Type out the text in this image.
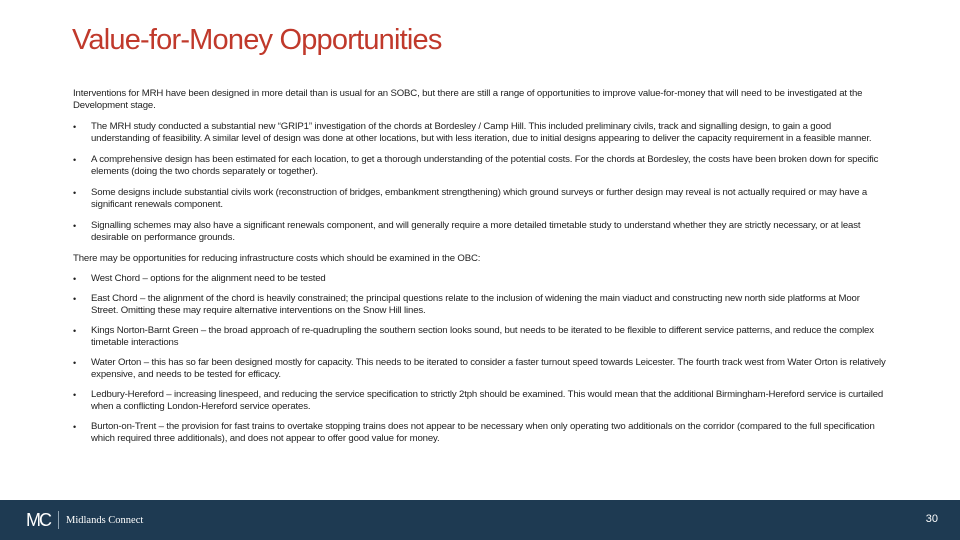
Value-for-Money Opportunities

Interventions for MRH have been designed in more detail than is usual for an SOBC, but there are still a range of opportunities to improve value-for-money that will need to be investigated at the Development stage.

• The MRH study conducted a substantial new “GRIP1” investigation of the chords at Bordesley / Camp Hill. This included preliminary civils, track and signalling design, to gain a good understanding of feasibility. A similar level of design was done at other locations, but with less iteration, due to initial designs appearing to deliver the capacity requirement in a feasible manner.
• A comprehensive design has been estimated for each location, to get a thorough understanding of the potential costs. For the chords at Bordesley, the costs have been broken down for specific elements (doing the two chords separately or together).
• Some designs include substantial civils work (reconstruction of bridges, embankment strengthening) which ground surveys or further design may reveal is not actually required or may have a significant renewals component.
• Signalling schemes may also have a significant renewals component, and will generally require a more detailed timetable study to understand whether they are strictly necessary, or at least desirable on performance grounds.

There may be opportunities for reducing infrastructure costs which should be examined in the OBC:

• West Chord – options for the alignment need to be tested
• East Chord – the alignment of the chord is heavily constrained; the principal questions relate to the inclusion of widening the main viaduct and constructing new north side platforms at Moor Street. Omitting these may require alternative interventions on the Snow Hill lines.
• Kings Norton-Barnt Green – the broad approach of re-quadrupling the southern section looks sound, but needs to be iterated to be flexible to different service patterns, and reduce the complex timetable interactions
• Water Orton – this has so far been designed mostly for capacity. This needs to be iterated to consider a faster turnout speed towards Leicester. The fourth track west from Water Orton is relatively expensive, and needs to be tested for efficacy.
• Ledbury-Hereford – increasing linespeed, and reducing the service specification to strictly 2tph should be examined. This would mean that the additional Birmingham-Hereford service is curtailed when a conflicting London-Hereford service operates.
• Burton-on-Trent – the provision for fast trains to overtake stopping trains does not appear to be necessary when only operating two additionals on the corridor (compared to the full specification which required three additionals), and does not appear to offer good value for money.
MC Midlands Connect	30
